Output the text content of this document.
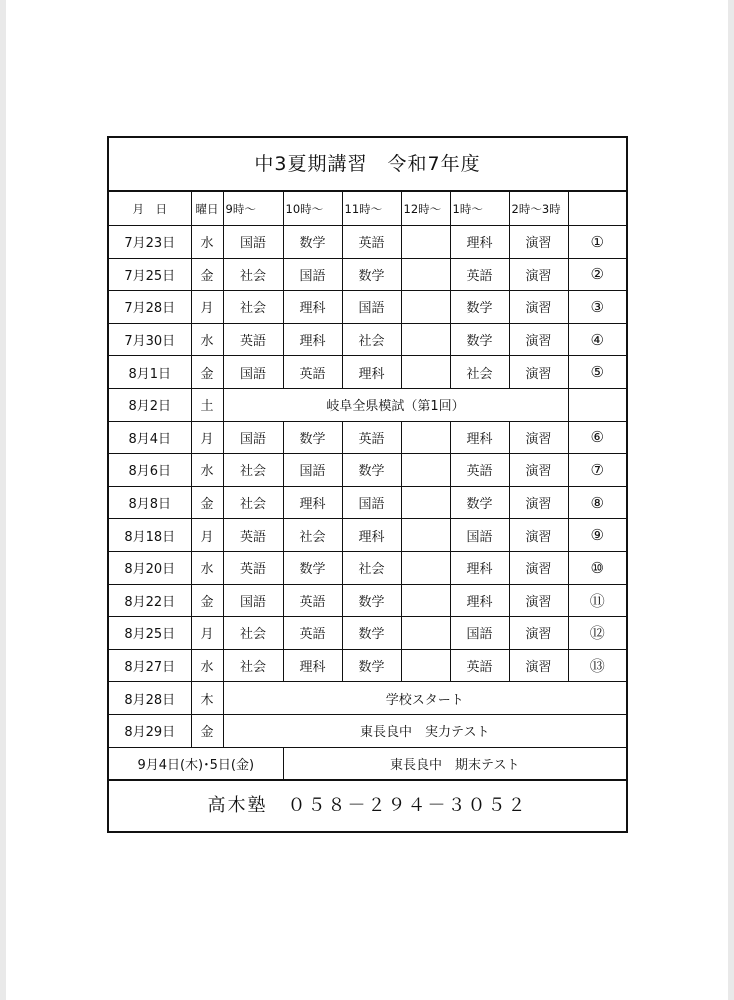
中3夏期講習　令和7年度
月　日	曜日	9時～	10時～	11時～	12時～	1時～	2時～3時	
7月23日	水	国語	数学	英語		理科	演習	①
7月25日	金	社会	国語	数学		英語	演習	②
7月28日	月	社会	理科	国語		数学	演習	③
7月30日	水	英語	理科	社会		数学	演習	④
8月1日	金	国語	英語	理科		社会	演習	⑤
8月2日	土	岐阜全県模試（第1回）						
8月4日	月	国語	数学	英語		理科	演習	⑥
8月6日	水	社会	国語	数学		英語	演習	⑦
8月8日	金	社会	理科	国語		数学	演習	⑧
8月18日	月	英語	社会	理科		国語	演習	⑨
8月20日	水	英語	数学	社会		理科	演習	⑩
8月22日	金	国語	英語	数学		理科	演習	⑪
8月25日	月	社会	英語	数学		国語	演習	⑫
8月27日	水	社会	理科	数学		英語	演習	⑬
8月28日	木	学校スタート						
8月29日	金	東長良中　実力テスト						
9月4日(木)･5日(金)			東長良中　期末テスト					
高木塾　０５８－２９４－３０５２
